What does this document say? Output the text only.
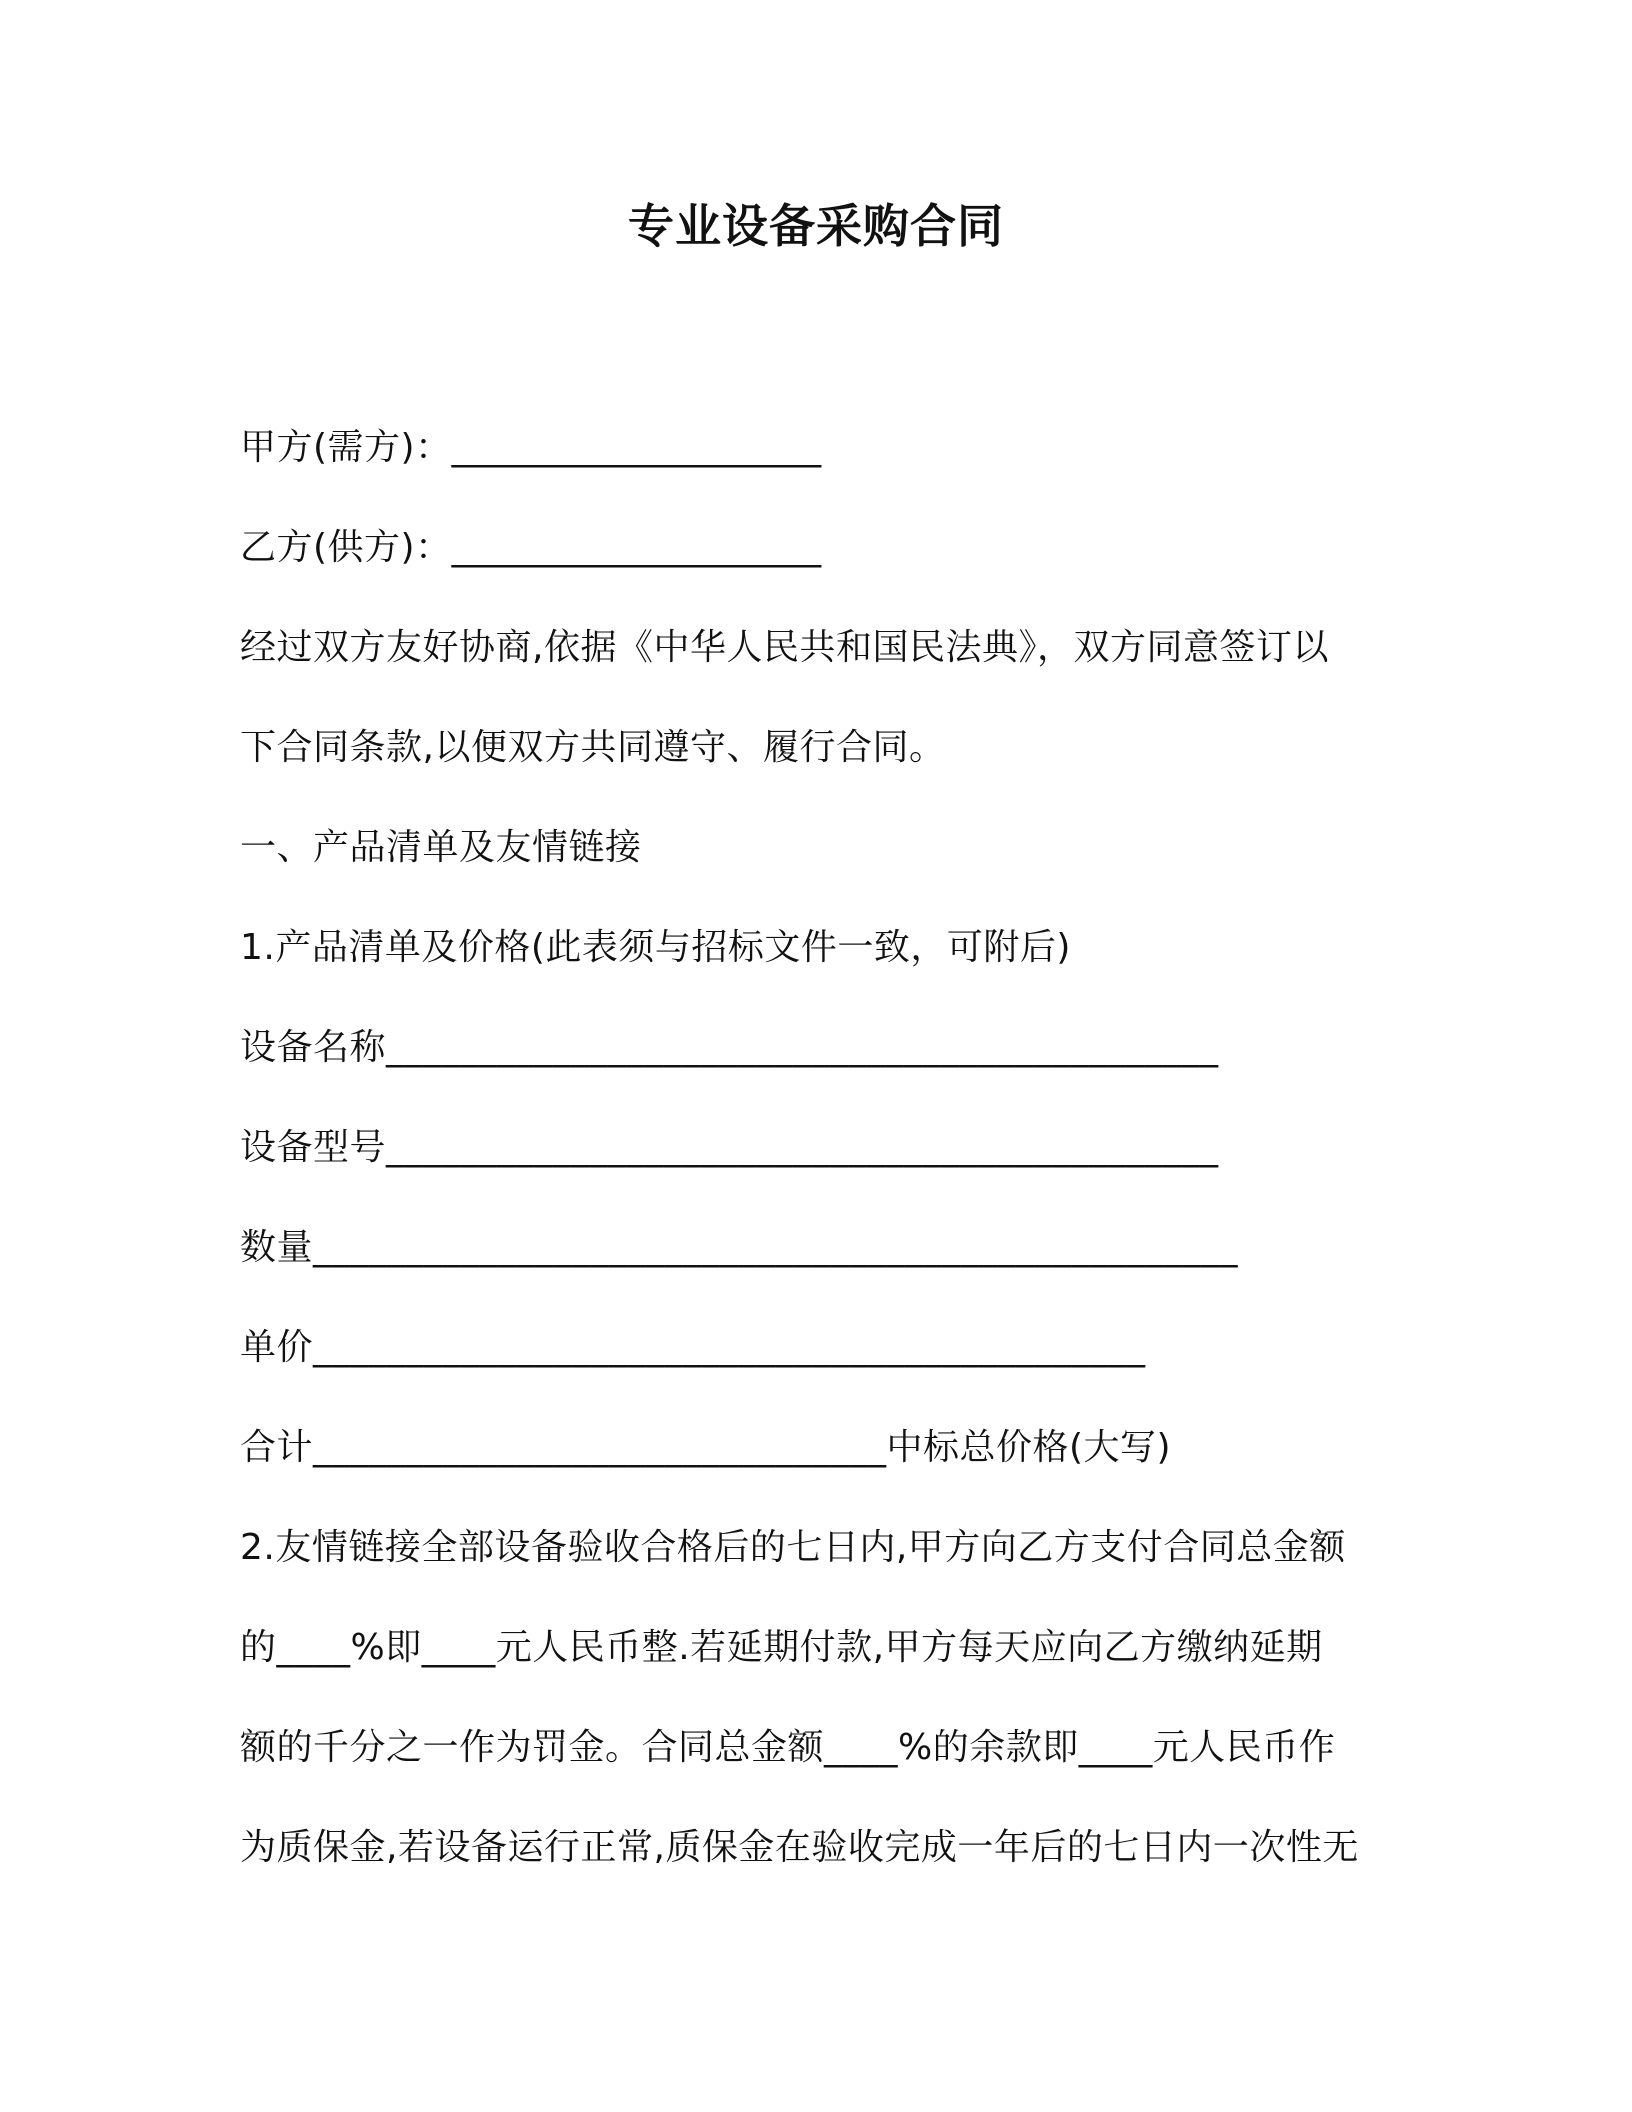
专业设备采购合同
甲方(需方)：____________________
乙方(供方)：____________________
经过双方友好协商,依据《中华人民共和国民法典》，双方同意签订以
下合同条款,以便双方共同遵守、履行合同。
一、产品清单及友情链接
1.产品清单及价格(此表须与招标文件一致，可附后)
设备名称_____________________________________________
设备型号_____________________________________________
数量__________________________________________________
单价_____________________________________________
合计_______________________________中标总价格(大写)
2.友情链接全部设备验收合格后的七日内,甲方向乙方支付合同总金额
的____%即____元人民币整.若延期付款,甲方每天应向乙方缴纳延期
额的千分之一作为罚金。合同总金额____%的余款即____元人民币作
为质保金,若设备运行正常,质保金在验收完成一年后的七日内一次性无
